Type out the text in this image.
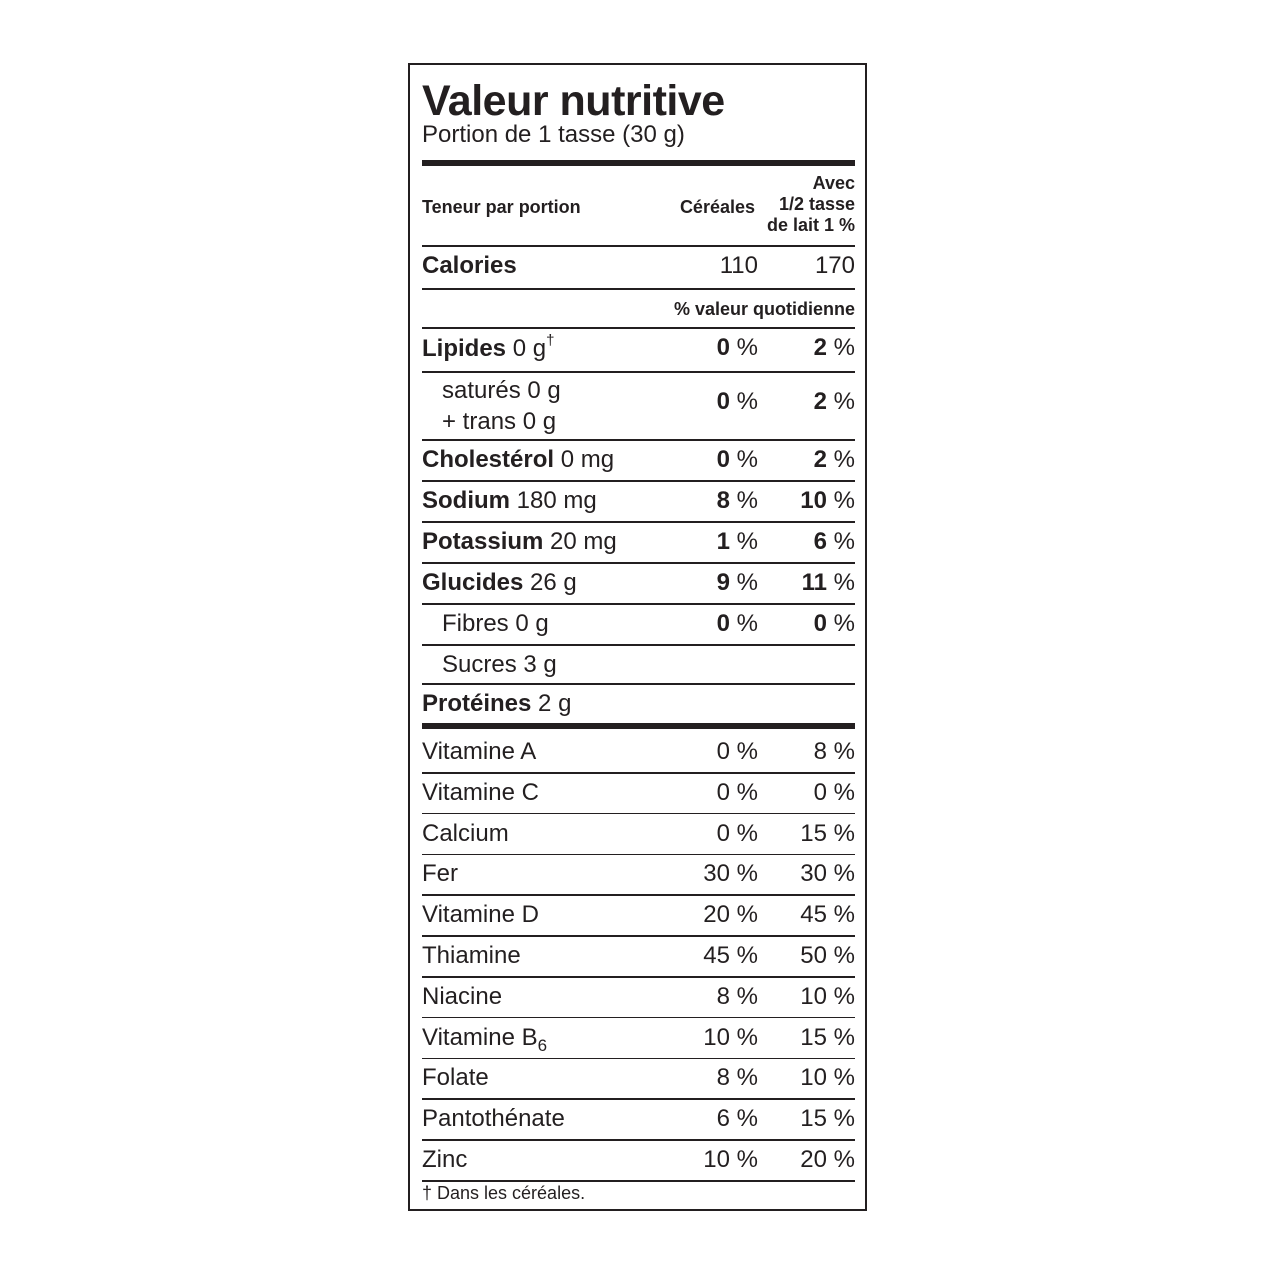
Valeur nutritive
Portion de 1 tasse (30 g)
Teneur par portion	Céréales
Avec
1/2 tasse
de lait 1 %
Calories	110 170
% valeur quotidienne
Lipides 0 g†	0 % 2 %
saturés 0 g
+ trans 0 g
0 % 2 %
Cholestérol 0 mg	0 % 2 %
Sodium 180 mg	8 % 10 %
Potassium 20 mg	1 % 6 %
Glucides 26 g	9 % 11 %
Fibres 0 g	0 % 0 %
Sucres 3 g
Protéines 2 g
Vitamine A	0 % 8 %
Vitamine C	0 % 0 %
Calcium	0 % 15 %
Fer	30 % 30 %
Vitamine D	20 % 45 %
Thiamine	45 % 50 %
Niacine	8 % 10 %
Vitamine $B_6$	10 % 15 %
Folate	8 % 10 %
Pantothénate	6 % 15 %
Zinc	10 % 20 %
† Dans les céréales.
